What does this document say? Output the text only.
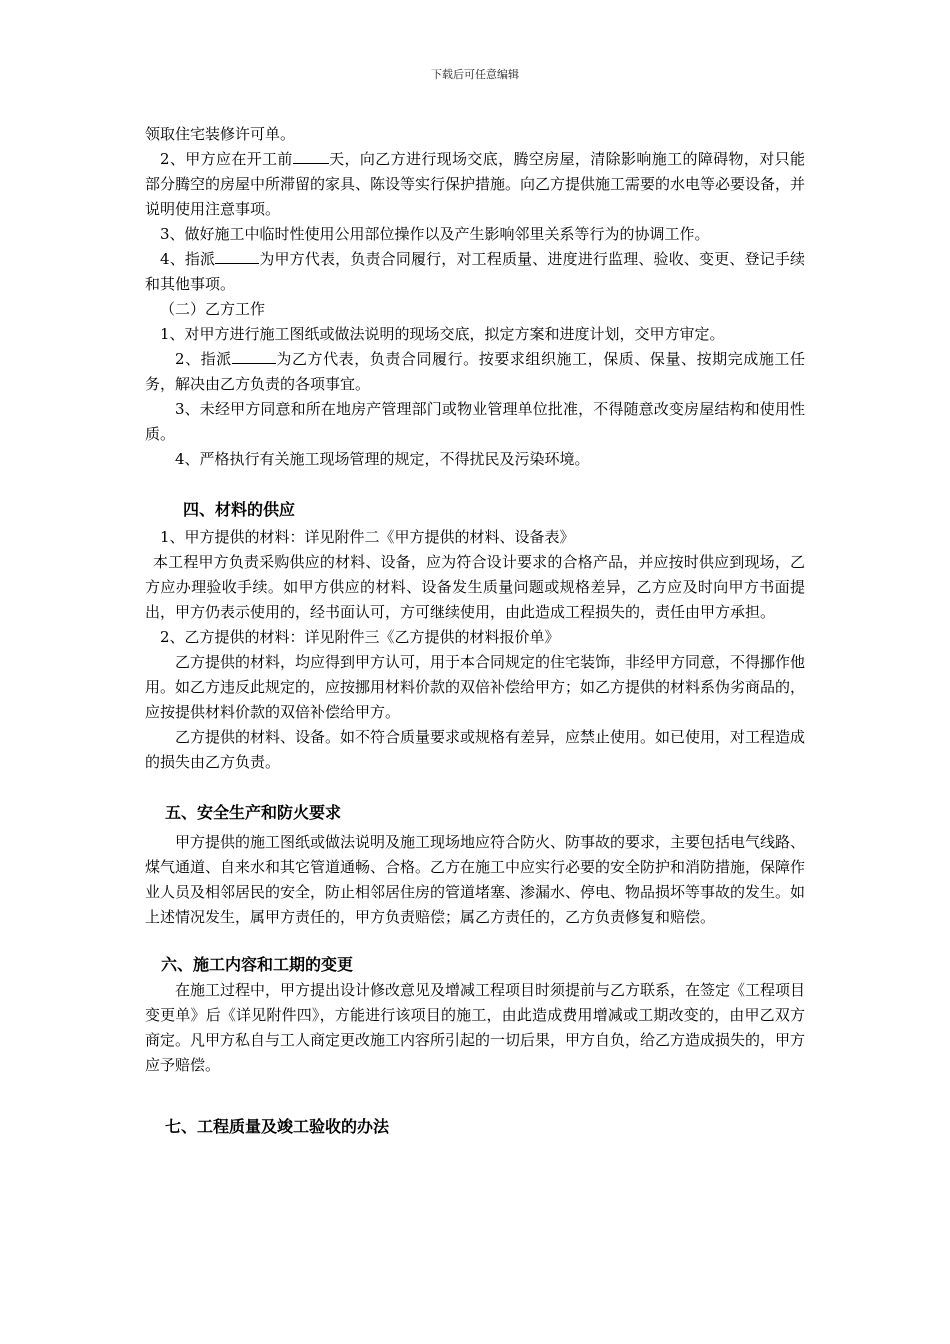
下载后可任意编辑

领取住宅装修许可单。

2、甲方应在开工前 天，向乙方进行现场交底，腾空房屋，清除影响施工的障碍物，对只能部分腾空的房屋中所滞留的家具、陈设等实行保护措施。向乙方提供施工需要的水电等必要设备，并说明使用注意事项。

3、做好施工中临时性使用公用部位操作以及产生影响邻里关系等行为的协调工作。

4、指派	为甲方代表，负责合同履行，对工程质量、进度进行监理、验收、变更、登记手续和其他事项。

（二）乙方工作

1、对甲方进行施工图纸或做法说明的现场交底，拟定方案和进度计划，交甲方审定。

2、指派	为乙方代表，负责合同履行。按要求组织施工，保质、保量、按期完成施工任务，解决由乙方负责的各项事宜。

3、未经甲方同意和所在地房产管理部门或物业管理单位批准，不得随意改变房屋结构和使用性质。

4、严格执行有关施工现场管理的规定，不得扰民及污染环境。

四、材料的供应

1、甲方提供的材料：详见附件二《甲方提供的材料、设备表》

本工程甲方负责采购供应的材料、设备，应为符合设计要求的合格产品，并应按时供应到现场，乙方应办理验收手续。如甲方供应的材料、设备发生质量问题或规格差异，乙方应及时向甲方书面提出，甲方仍表示使用的，经书面认可，方可继续使用，由此造成工程损失的，责任由甲方承担。

2、乙方提供的材料：详见附件三《乙方提供的材料报价单》

乙方提供的材料，均应得到甲方认可，用于本合同规定的住宅装饰，非经甲方同意，不得挪作他用。如乙方违反此规定的，应按挪用材料价款的双倍补偿给甲方；如乙方提供的材料系伪劣商品的，应按提供材料价款的双倍补偿给甲方。

乙方提供的材料、设备。如不符合质量要求或规格有差异，应禁止使用。如已使用，对工程造成的损失由乙方负责。

五、安全生产和防火要求

甲方提供的施工图纸或做法说明及施工现场地应符合防火、防事故的要求，主要包括电气线路、煤气通道、自来水和其它管道通畅、合格。乙方在施工中应实行必要的安全防护和消防措施，保障作业人员及相邻居民的安全，防止相邻居住房的管道堵塞、渗漏水、停电、物品损坏等事故的发生。如上述情况发生，属甲方责任的，甲方负责赔偿；属乙方责任的，乙方负责修复和赔偿。

六、施工内容和工期的变更

在施工过程中，甲方提出设计修改意见及增减工程项目时须提前与乙方联系，在签定《工程项目变更单》后《详见附件四》，方能进行该项目的施工，由此造成费用增减或工期改变的，由甲乙双方商定。凡甲方私自与工人商定更改施工内容所引起的一切后果，甲方自负，给乙方造成损失的，甲方应予赔偿。

七、工程质量及竣工验收的办法
